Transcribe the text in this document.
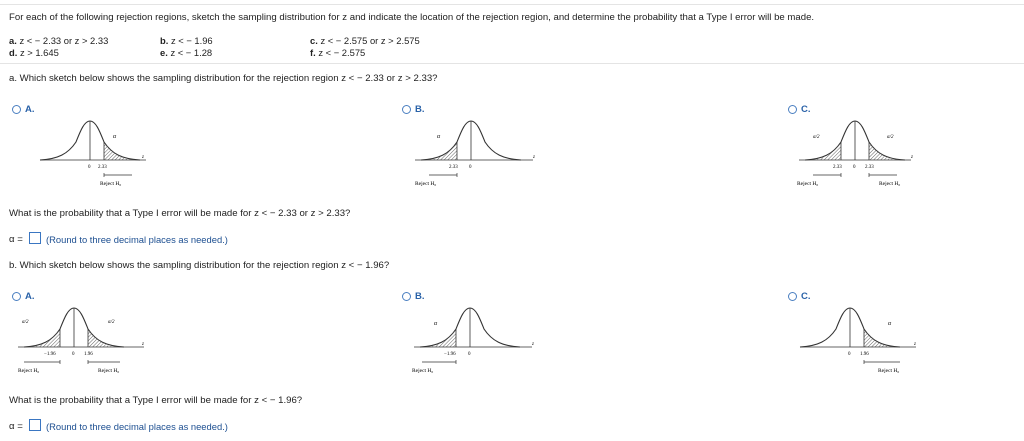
For each of the following rejection regions, sketch the sampling distribution for z and indicate the location of the rejection region, and determine the probability that a Type I error will be made.
a. z < − 2.33 or z > 2.33	b. z < − 1.96	c. z < − 2.575 or z > 2.575
d. z > 1.645	e. z < − 1.28	f. z < − 2.575
a. Which sketch below shows the sampling distribution for the rejection region z < − 2.33 or z > 2.33?
A.	B.	C.
α
z
0 2.33
Reject H₀
α
z
2.33 0
Reject H₀
α/2	α/2
z
2.33 0 2.33
Reject H₀	Reject H₀
What is the probability that a Type I error will be made for z < − 2.33 or z > 2.33?
α = (Round to three decimal places as needed.)
b. Which sketch below shows the sampling distribution for the rejection region z < − 1.96?
A.	B.	C.
α/2	α/2
z
−1.96	0 1.96
Reject H₀	Reject H₀
α
z
−1.96 0
Reject H₀
α
z
0 1.96
Reject H₀
What is the probability that a Type I error will be made for z < − 1.96?
α = (Round to three decimal places as needed.)
